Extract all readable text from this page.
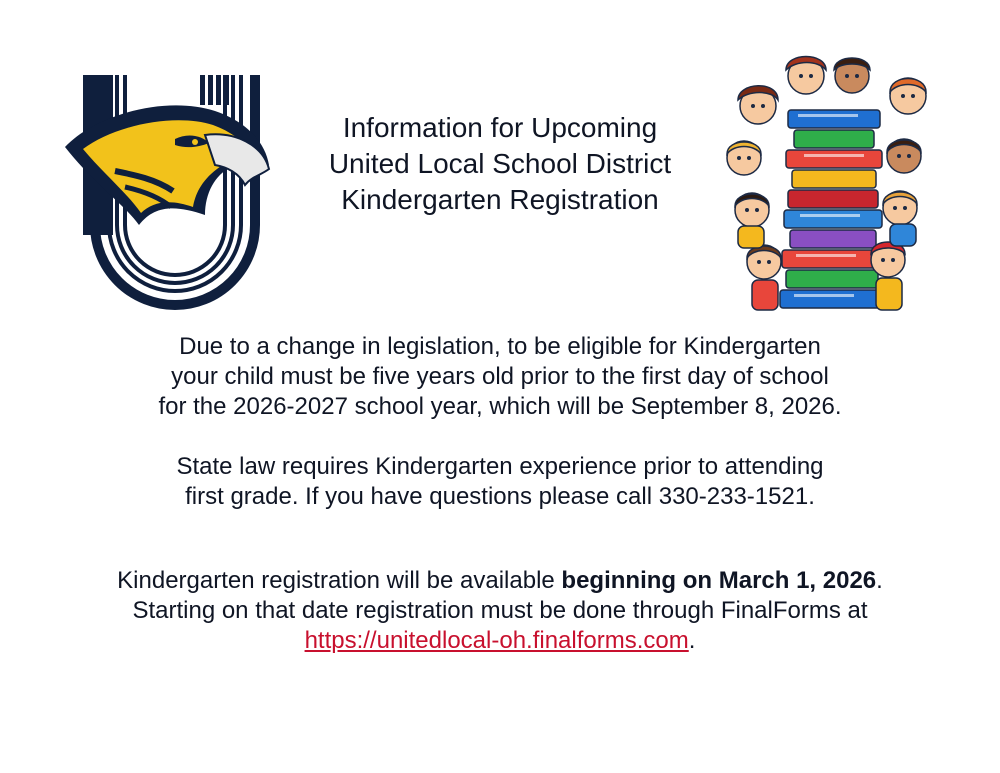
Information for Upcoming
United Local School District
Kindergarten Registration
Due to a change in legislation, to be eligible for Kindergarten
your child must be five years old prior to the first day of school
for the 2026-2027 school year, which will be September 8, 2026.
State law requires Kindergarten experience prior to attending
first grade. If you have questions please call 330-233-1521.
Kindergarten registration will be available beginning on March 1, 2026.
Starting on that date registration must be done through FinalForms at
https://unitedlocal-oh.finalforms.com.
